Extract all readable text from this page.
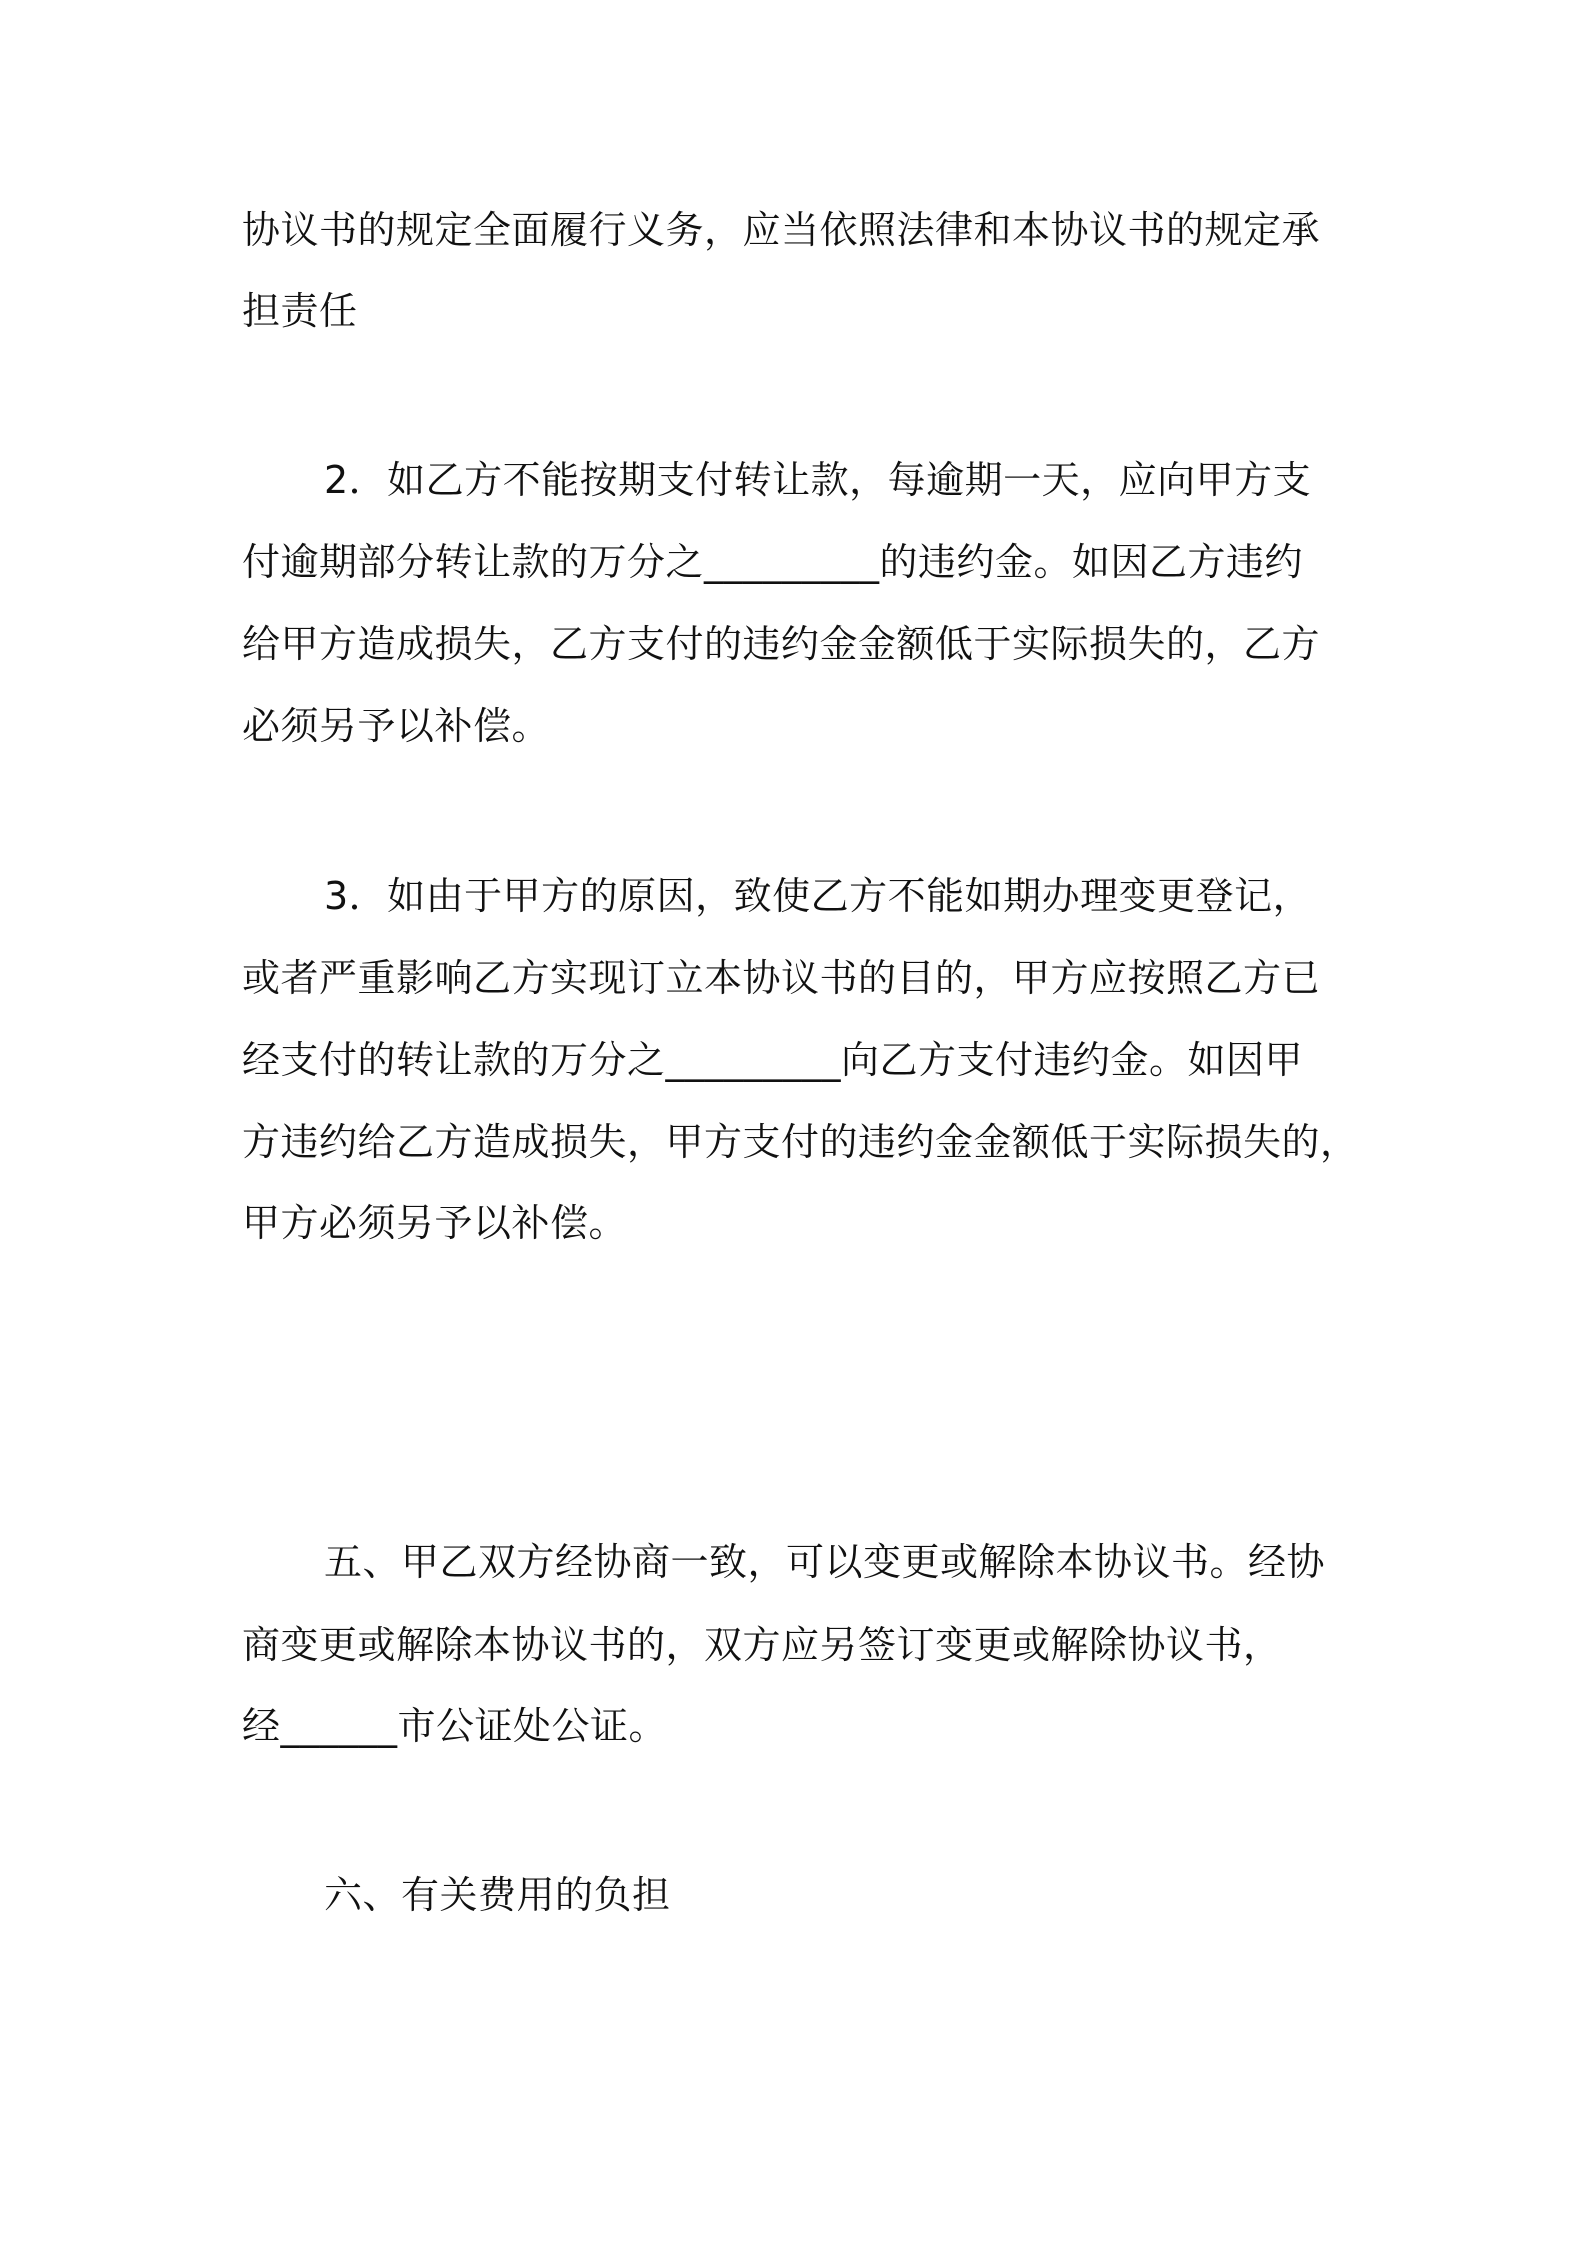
协议书的规定全面履行义务，应当依照法律和本协议书的规定承
担责任
2．如乙方不能按期支付转让款，每逾期一天，应向甲方支
付逾期部分转让款的万分之_________的违约金。如因乙方违约
给甲方造成损失，乙方支付的违约金金额低于实际损失的，乙方
必须另予以补偿。
3．如由于甲方的原因，致使乙方不能如期办理变更登记，
或者严重影响乙方实现订立本协议书的目的，甲方应按照乙方已
经支付的转让款的万分之_________向乙方支付违约金。如因甲
方违约给乙方造成损失，甲方支付的违约金金额低于实际损失的，
甲方必须另予以补偿。
五、甲乙双方经协商一致，可以变更或解除本协议书。经协
商变更或解除本协议书的，双方应另签订变更或解除协议书，
经______市公证处公证。
六、有关费用的负担
